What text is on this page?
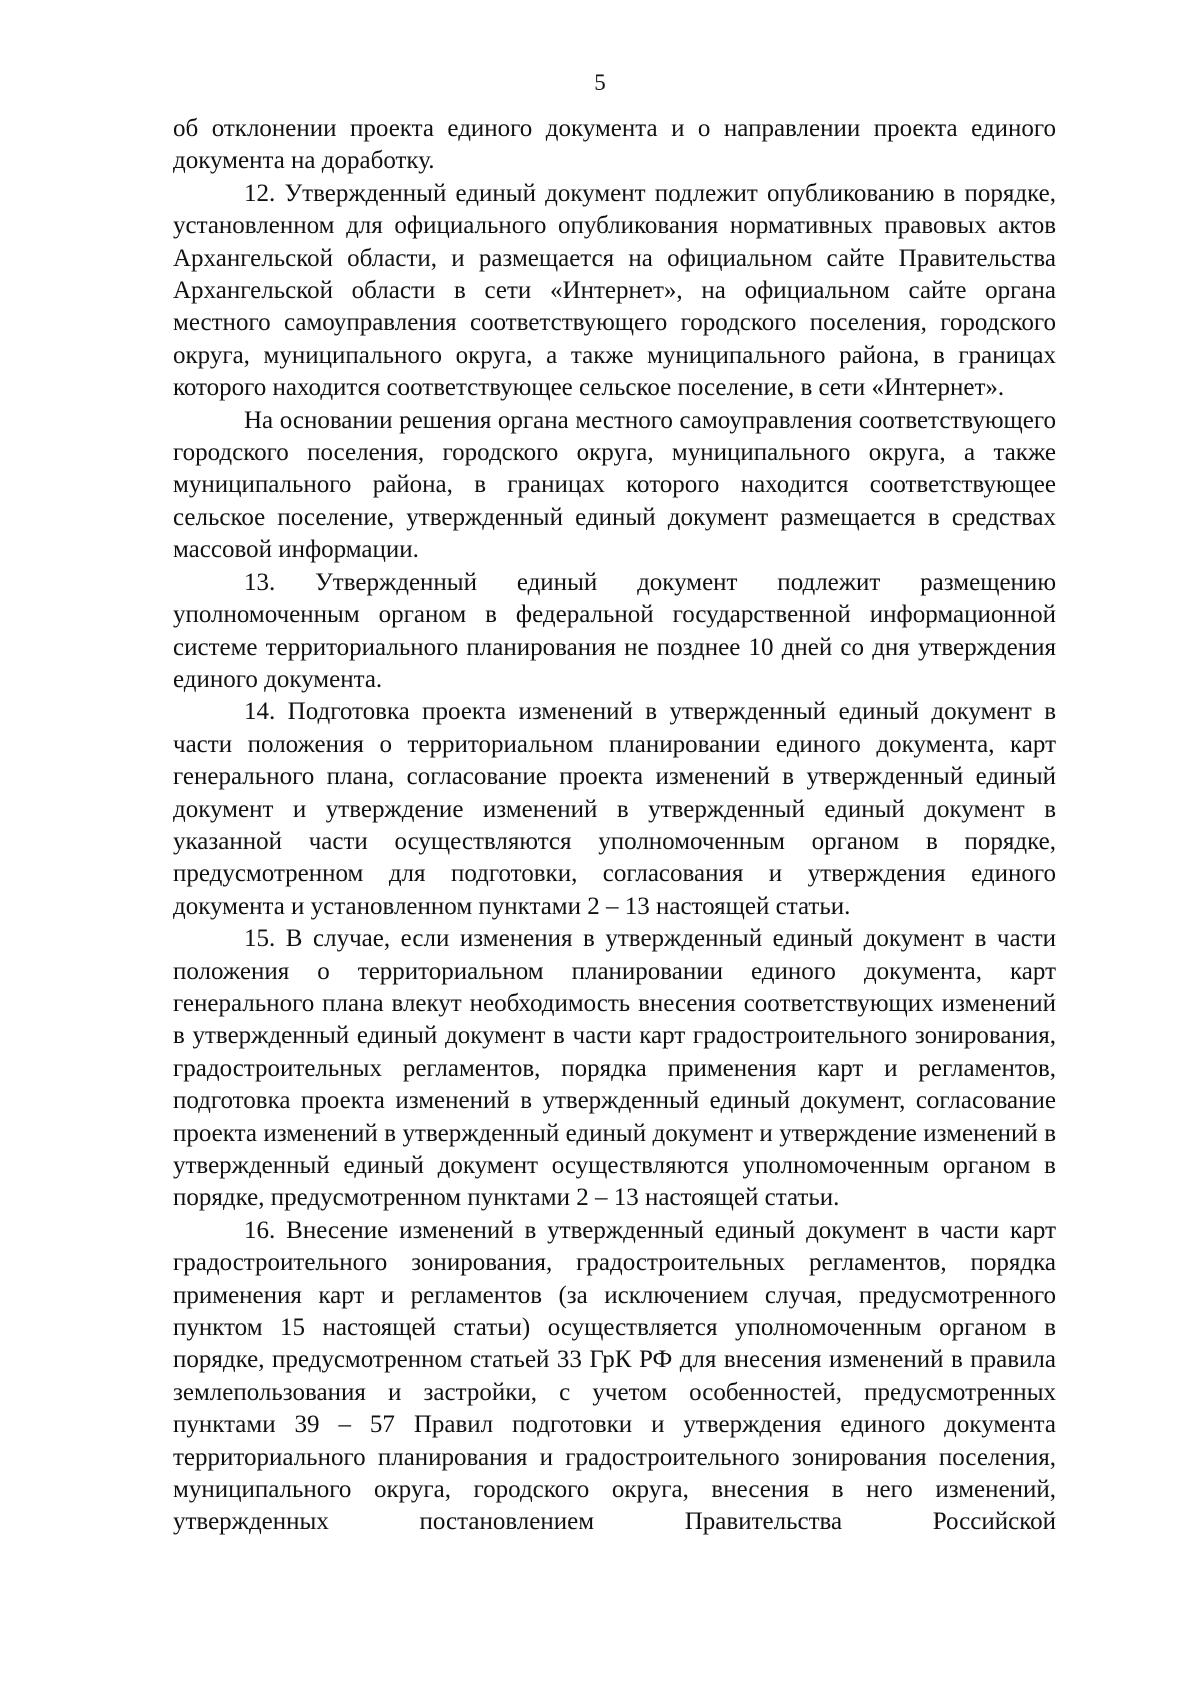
5

об отклонении проекта единого документа и о направлении проекта единого документа на доработку.

12. Утвержденный единый документ подлежит опубликованию в порядке, установленном для официального опубликования нормативных правовых актов Архангельской области, и размещается на официальном сайте Правительства Архангельской области в сети «Интернет», на официальном сайте органа местного самоуправления соответствующего городского поселения, городского округа, муниципального округа, а также муниципального района, в границах которого находится соответствующее сельское поселение, в сети «Интернет».

На основании решения органа местного самоуправления соответствующего городского поселения, городского округа, муниципального округа, а также муниципального района, в границах которого находится соответствующее сельское поселение, утвержденный единый документ размещается в средствах массовой информации.

13. Утвержденный единый документ подлежит размещению уполномоченным органом в федеральной государственной информационной системе территориального планирования не позднее 10 дней со дня утверждения единого документа.

14. Подготовка проекта изменений в утвержденный единый документ в части положения о территориальном планировании единого документа, карт генерального плана, согласование проекта изменений в утвержденный единый документ и утверждение изменений в утвержденный единый документ в указанной части осуществляются уполномоченным органом в порядке, предусмотренном для подготовки, согласования и утверждения единого документа и установленном пунктами 2 – 13 настоящей статьи.

15. В случае, если изменения в утвержденный единый документ в части положения о территориальном планировании единого документа, карт генерального плана влекут необходимость внесения соответствующих изменений в утвержденный единый документ в части карт градостроительного зонирования, градостроительных регламентов, порядка применения карт и регламентов, подготовка проекта изменений в утвержденный единый документ, согласование проекта изменений в утвержденный единый документ и утверждение изменений в утвержденный единый документ осуществляются уполномоченным органом в порядке, предусмотренном пунктами 2 – 13 настоящей статьи.

16. Внесение изменений в утвержденный единый документ в части карт градостроительного зонирования, градостроительных регламентов, порядка применения карт и регламентов (за исключением случая, предусмотренного пунктом 15 настоящей статьи) осуществляется уполномоченным органом в порядке, предусмотренном статьей 33 ГрК РФ для внесения изменений в правила землепользования и застройки, с учетом особенностей, предусмотренных пунктами 39 – 57 Правил подготовки и утверждения единого документа территориального планирования и градостроительного зонирования поселения, муниципального округа, городского округа, внесения в него изменений, утвержденных постановлением Правительства Российской
